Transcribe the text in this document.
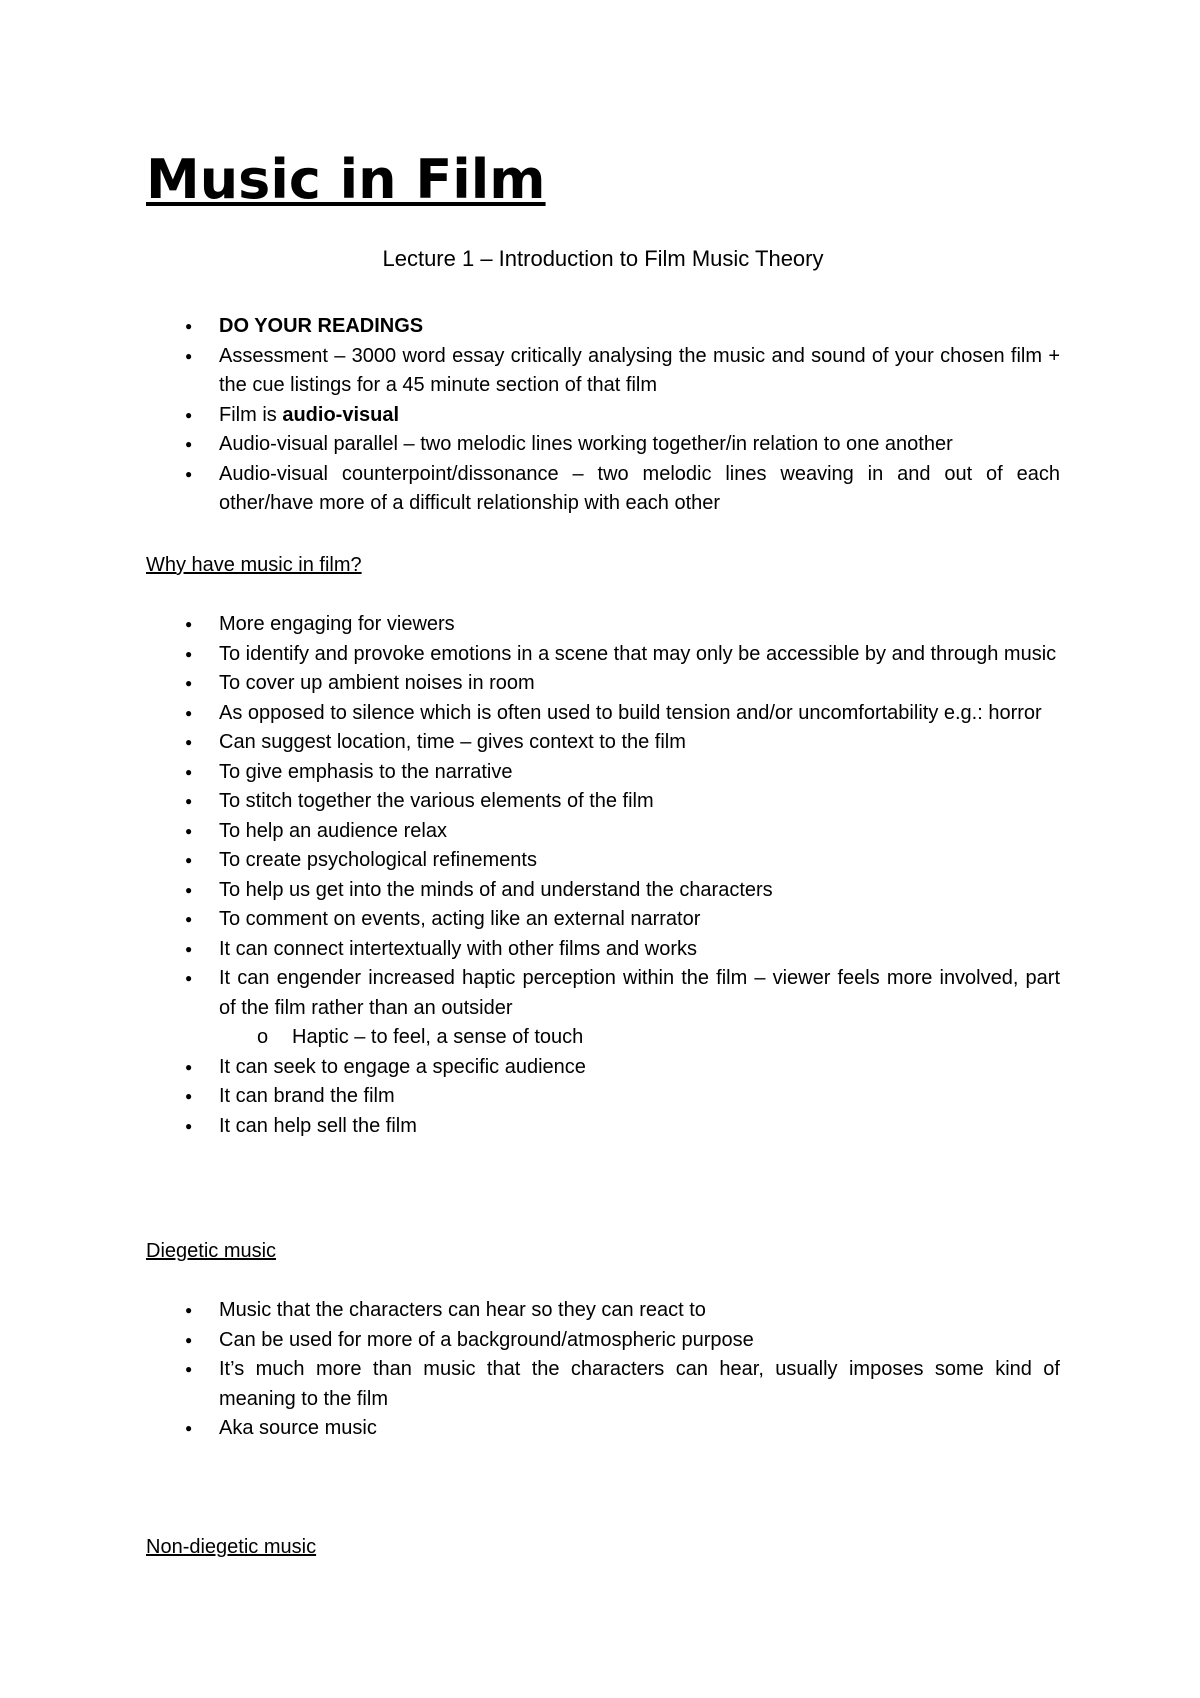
Music in Film
Lecture 1 – Introduction to Film Music Theory
● DO YOUR READINGS
● Assessment – 3000 word essay critically analysing the music and sound of your chosen film + the cue listings for a 45 minute section of that film
● Film is audio-visual
● Audio-visual parallel – two melodic lines working together/in relation to one another
● Audio-visual counterpoint/dissonance – two melodic lines weaving in and out of each other/have more of a difficult relationship with each other
Why have music in film?
● More engaging for viewers
● To identify and provoke emotions in a scene that may only be accessible by and through music
● To cover up ambient noises in room
● As opposed to silence which is often used to build tension and/or uncomfortability e.g.: horror
● Can suggest location, time – gives context to the film
● To give emphasis to the narrative
● To stitch together the various elements of the film
● To help an audience relax
● To create psychological refinements
● To help us get into the minds of and understand the characters
● To comment on events, acting like an external narrator
● It can connect intertextually with other films and works
● It can engender increased haptic perception within the film – viewer feels more involved, part of the film rather than an outsider
o Haptic – to feel, a sense of touch
● It can seek to engage a specific audience
● It can brand the film
● It can help sell the film
Diegetic music
● Music that the characters can hear so they can react to
● Can be used for more of a background/atmospheric purpose
● It’s much more than music that the characters can hear, usually imposes some kind of meaning to the film
● Aka source music
Non-diegetic music
